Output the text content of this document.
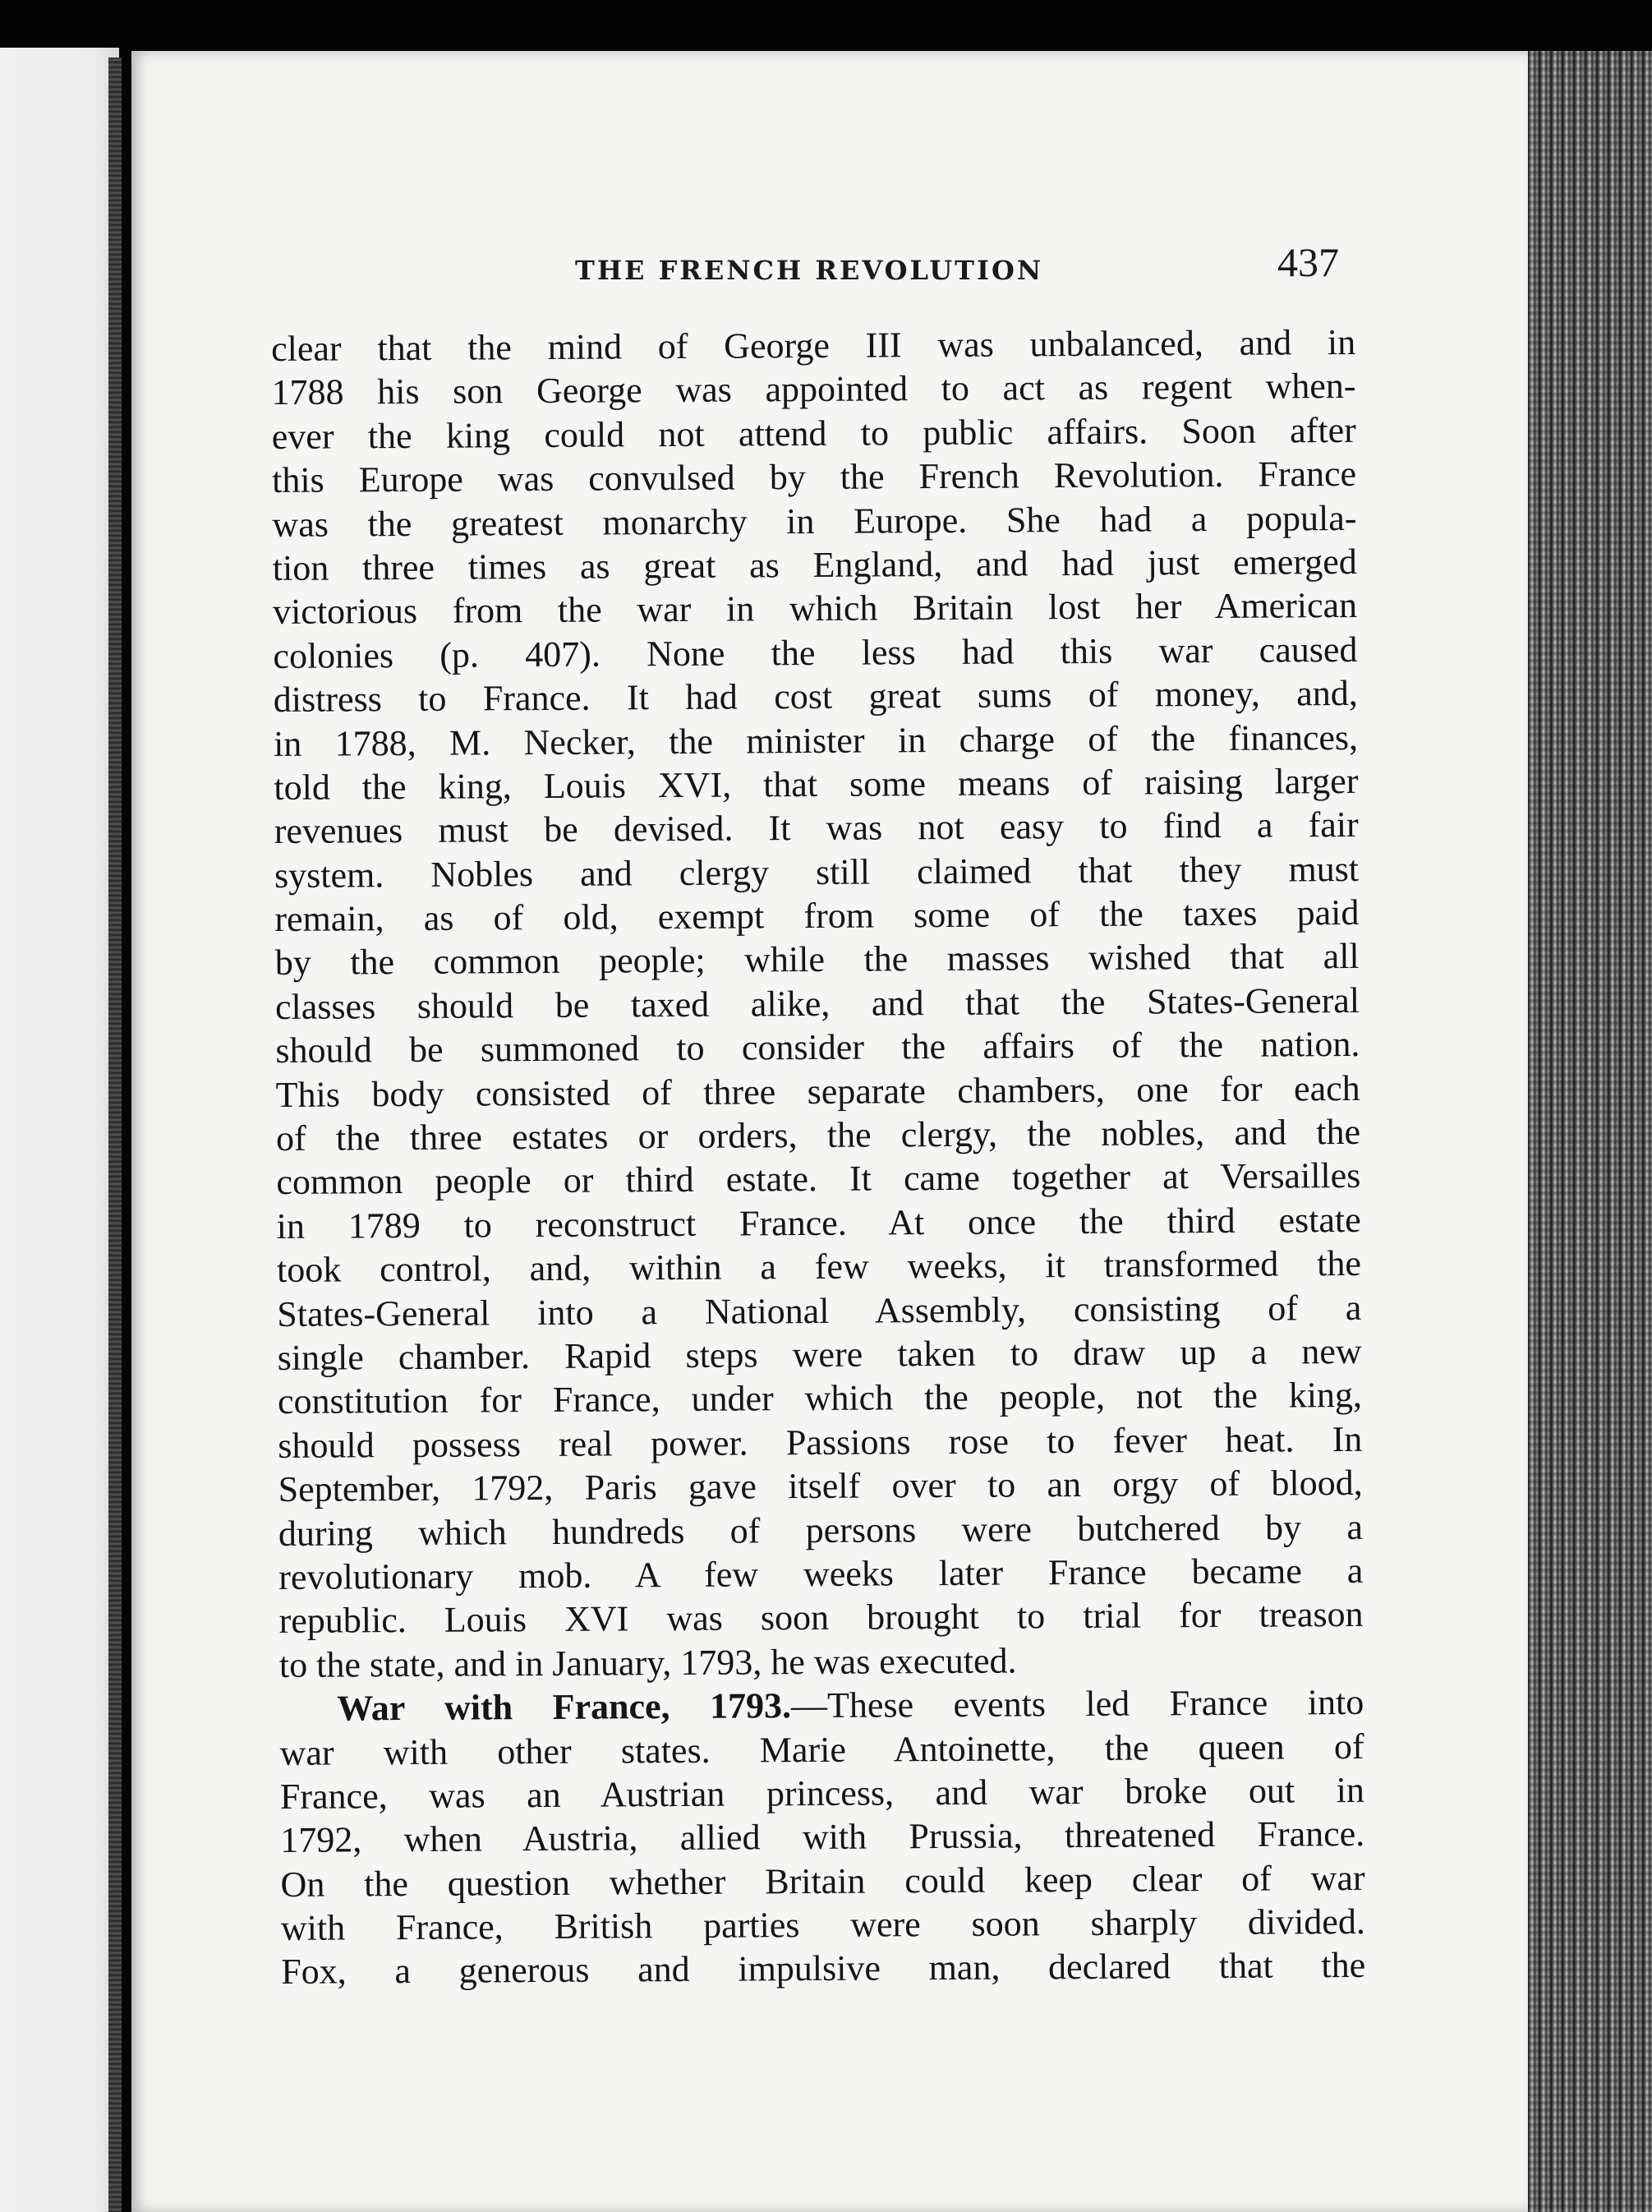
THE FRENCH REVOLUTION	437
clear that the mind of George III was unbalanced, and in
1788 his son George was appointed to act as regent when-
ever the king could not attend to public affairs. Soon after
this Europe was convulsed by the French Revolution. France
was the greatest monarchy in Europe. She had a popula-
tion three times as great as England, and had just emerged
victorious from the war in which Britain lost her American
colonies (p. 407). None the less had this war caused
distress to France. It had cost great sums of money, and,
in 1788, M. Necker, the minister in charge of the finances,
told the king, Louis XVI, that some means of raising larger
revenues must be devised. It was not easy to find a fair
system. Nobles and clergy still claimed that they must
remain, as of old, exempt from some of the taxes paid
by the common people; while the masses wished that all
classes should be taxed alike, and that the States-General
should be summoned to consider the affairs of the nation.
This body consisted of three separate chambers, one for each
of the three estates or orders, the clergy, the nobles, and the
common people or third estate. It came together at Versailles
in 1789 to reconstruct France. At once the third estate
took control, and, within a few weeks, it transformed the
States-General into a National Assembly, consisting of a
single chamber. Rapid steps were taken to draw up a new
constitution for France, under which the people, not the king,
should possess real power. Passions rose to fever heat. In
September, 1792, Paris gave itself over to an orgy of blood,
during which hundreds of persons were butchered by a
revolutionary mob. A few weeks later France became a
republic. Louis XVI was soon brought to trial for treason
to the state, and in January, 1793, he was executed.
War with France, 1793.—These events led France into
war with other states. Marie Antoinette, the queen of
France, was an Austrian princess, and war broke out in
1792, when Austria, allied with Prussia, threatened France.
On the question whether Britain could keep clear of war
with France, British parties were soon sharply divided.
Fox, a generous and impulsive man, declared that the
